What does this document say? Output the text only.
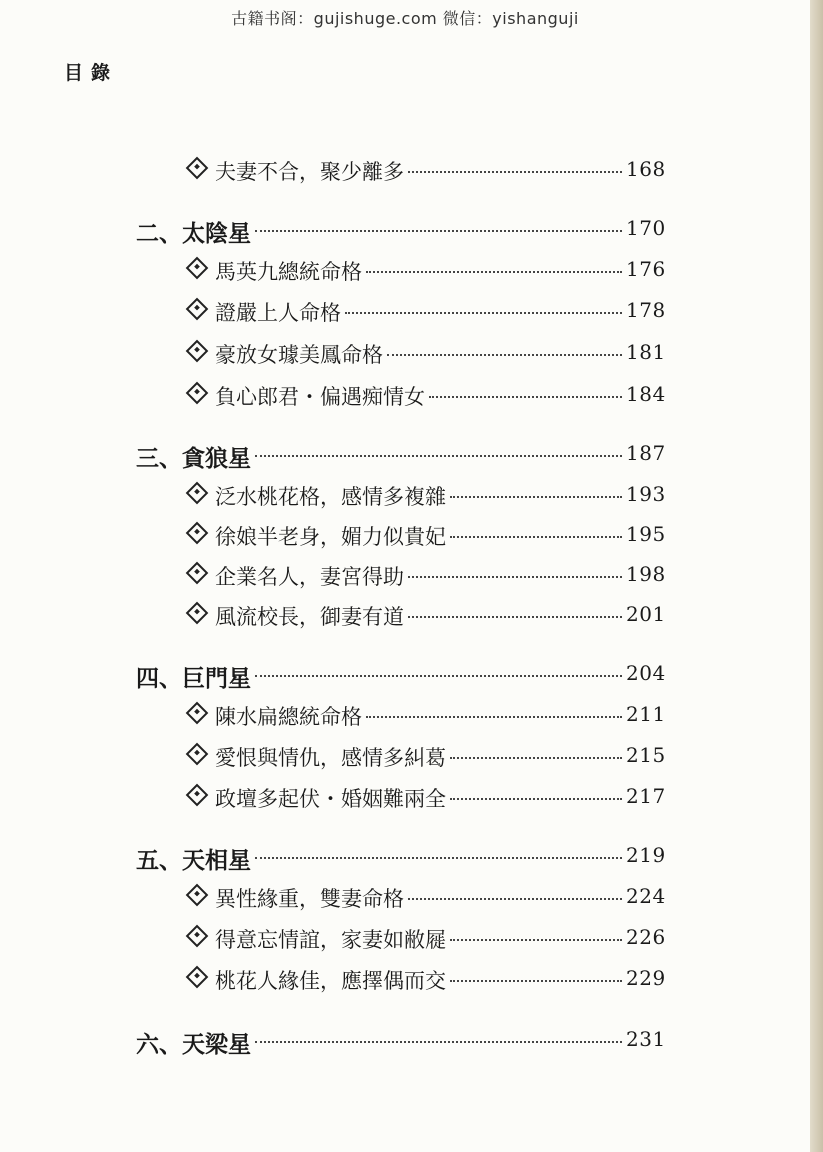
古籍书阁：gujishuge.com 微信：yishanguji
目錄
夫妻不合，聚少離多	168
二、太陰星	170
馬英九總統命格	176
證嚴上人命格	178
豪放女璩美鳳命格	181
負心郎君・偏遇痴情女	184
三、貪狼星	187
泛水桃花格，感情多複雜	193
徐娘半老身，媚力似貴妃	195
企業名人，妻宮得助	198
風流校長，御妻有道	201
四、巨門星	204
陳水扁總統命格	211
愛恨與情仇，感情多糾葛	215
政壇多起伏・婚姻難兩全	217
五、天相星	219
異性緣重，雙妻命格	224
得意忘情誼，家妻如敝屣	226
桃花人緣佳，應擇偶而交	229
六、天梁星	231
